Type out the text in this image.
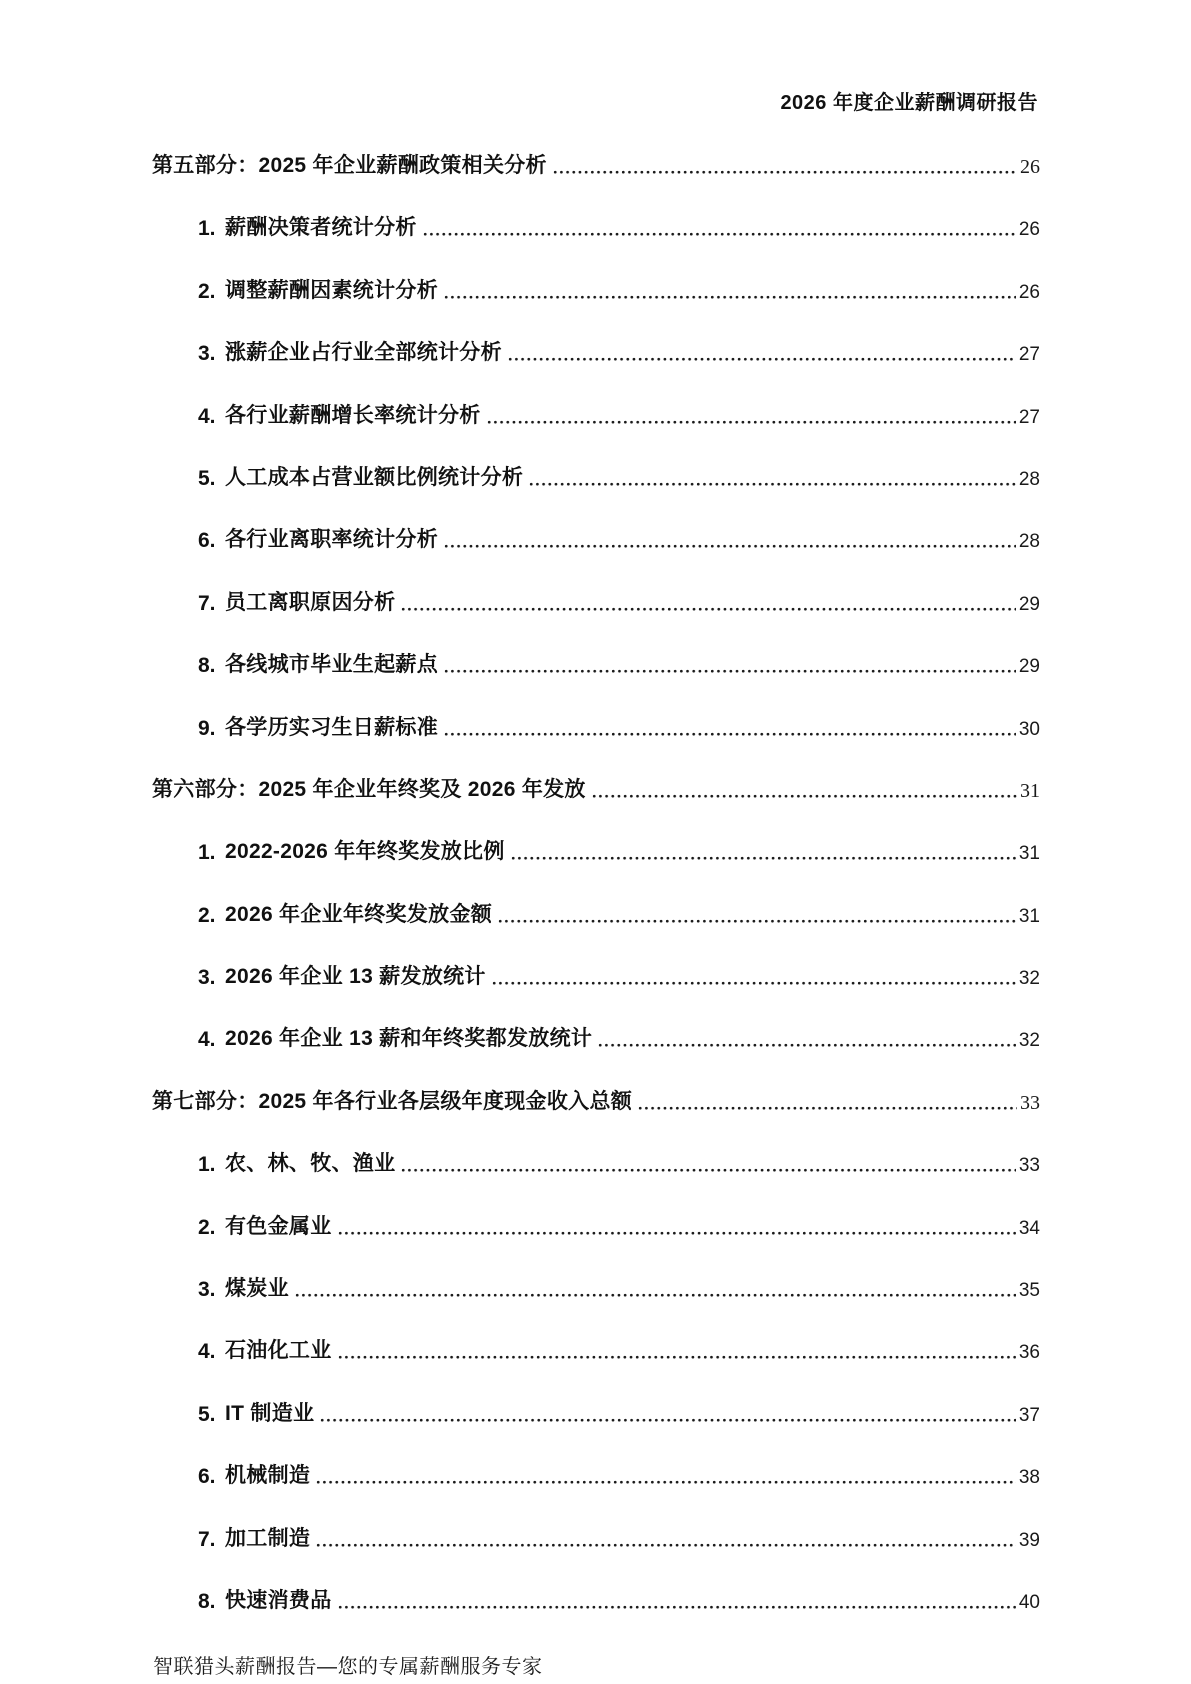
2026 年度企业薪酬调研报告
第五部分：2025 年企业薪酬政策相关分析	26
1. 薪酬决策者统计分析	26
2. 调整薪酬因素统计分析	26
3. 涨薪企业占行业全部统计分析	27
4. 各行业薪酬增长率统计分析	27
5. 人工成本占营业额比例统计分析	28
6. 各行业离职率统计分析	28
7. 员工离职原因分析	29
8. 各线城市毕业生起薪点	29
9. 各学历实习生日薪标准	30
第六部分：2025 年企业年终奖及 2026 年发放	31
1. 2022-2026 年年终奖发放比例	31
2. 2026 年企业年终奖发放金额	31
3. 2026 年企业 13 薪发放统计	32
4. 2026 年企业 13 薪和年终奖都发放统计	32
第七部分：2025 年各行业各层级年度现金收入总额	33
1. 农、林、牧、渔业	33
2. 有色金属业	34
3. 煤炭业	35
4. 石油化工业	36
5. IT 制造业	37
6. 机械制造	38
7. 加工制造	39
8. 快速消费品	40
智联猎头薪酬报告—您的专属薪酬服务专家
